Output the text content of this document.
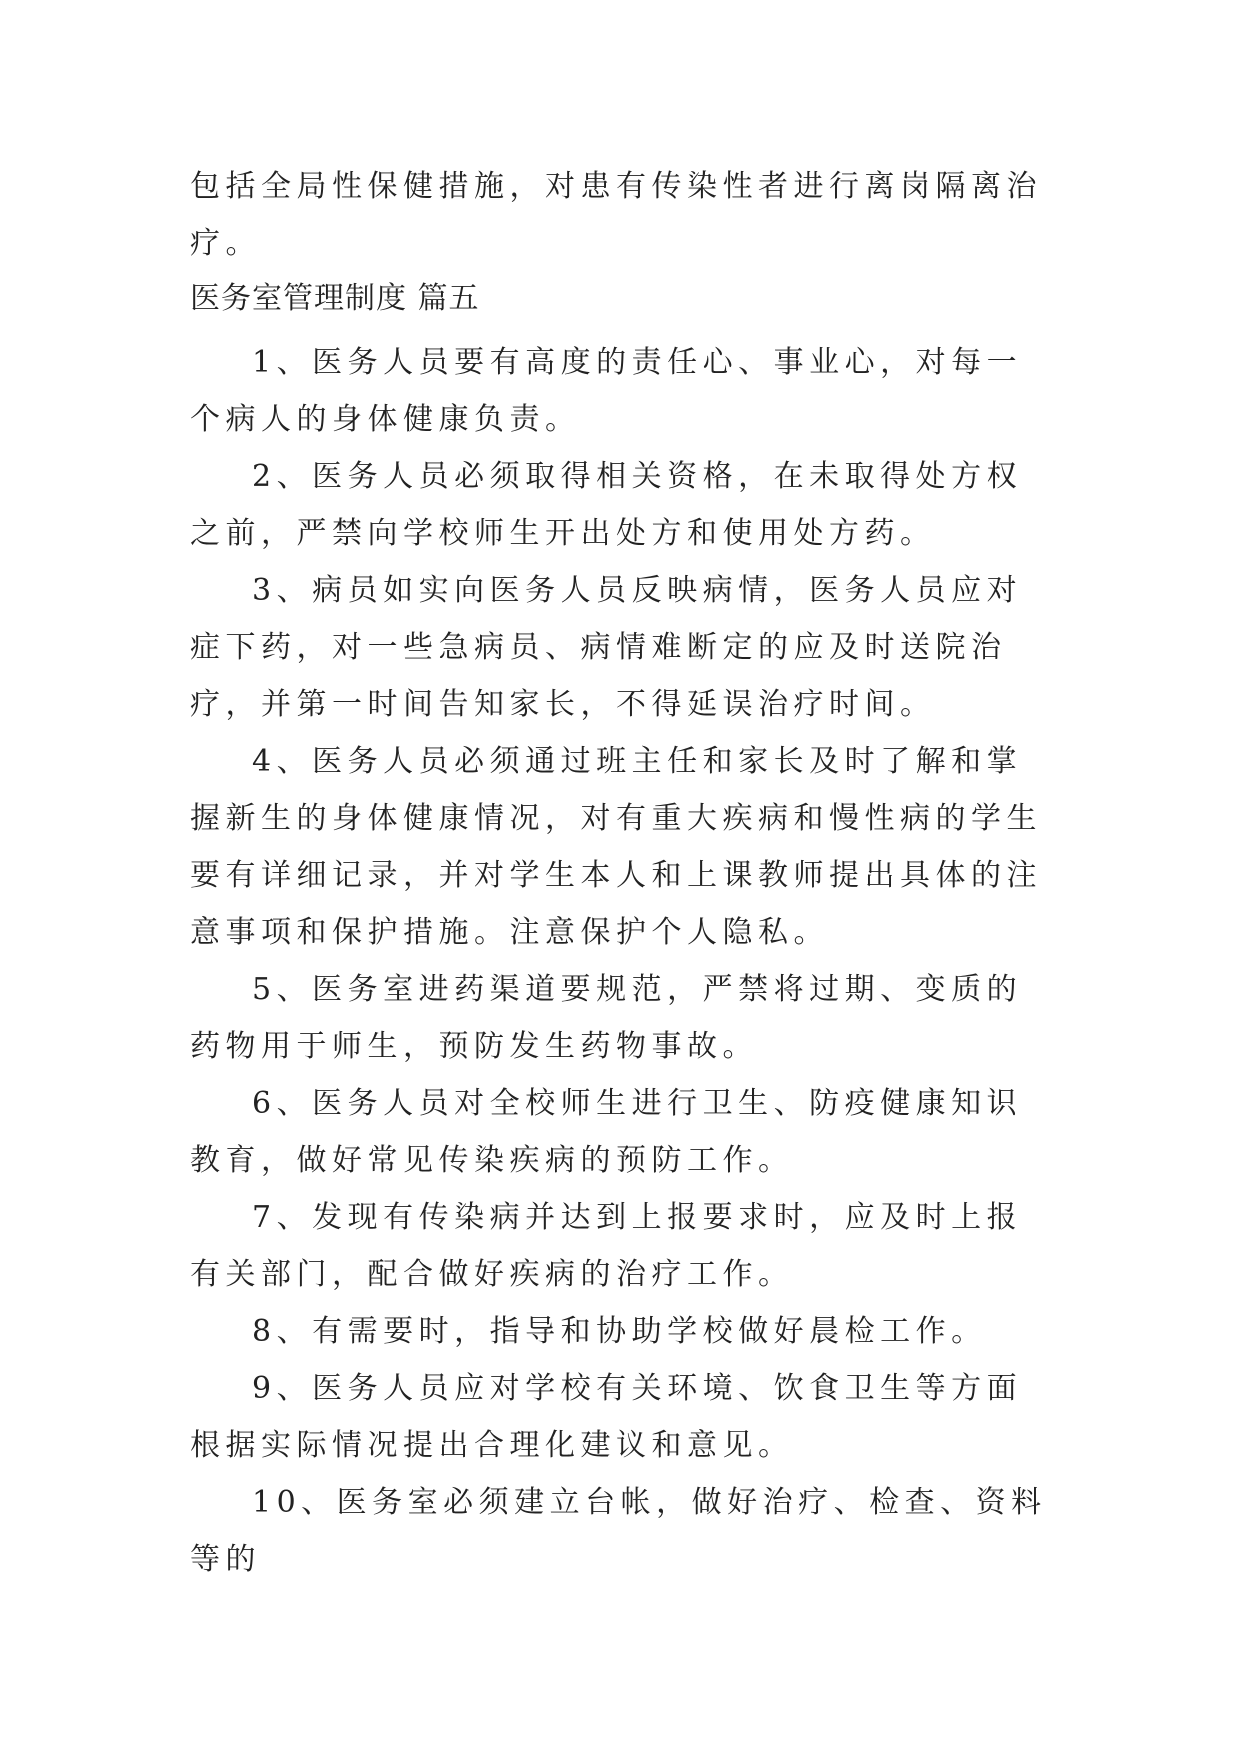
包括全局性保健措施，对患有传染性者进行离岗隔离治疗。

医务室管理制度 篇五

1、医务人员要有高度的责任心、事业心，对每一个病人的身体健康负责。

2、医务人员必须取得相关资格，在未取得处方权之前，严禁向学校师生开出处方和使用处方药。

3、病员如实向医务人员反映病情，医务人员应对症下药，对一些急病员、病情难断定的应及时送院治疗，并第一时间告知家长，不得延误治疗时间。

4、医务人员必须通过班主任和家长及时了解和掌握新生的身体健康情况，对有重大疾病和慢性病的学生要有详细记录，并对学生本人和上课教师提出具体的注意事项和保护措施。注意保护个人隐私。

5、医务室进药渠道要规范，严禁将过期、变质的药物用于师生，预防发生药物事故。

6、医务人员对全校师生进行卫生、防疫健康知识教育，做好常见传染疾病的预防工作。

7、发现有传染病并达到上报要求时，应及时上报有关部门，配合做好疾病的治疗工作。

8、有需要时，指导和协助学校做好晨检工作。

9、医务人员应对学校有关环境、饮食卫生等方面根据实际情况提出合理化建议和意见。

10、医务室必须建立台帐，做好治疗、检查、资料等的
